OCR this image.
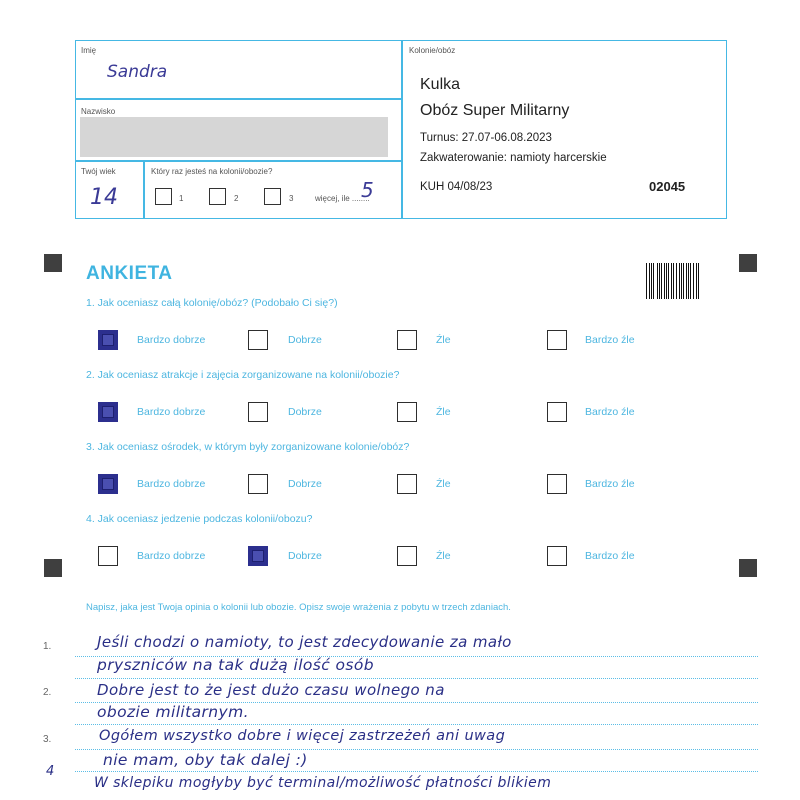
Imię
Sandra
Nazwisko
Twój wiek
14
Który raz jesteś na kolonii/obozie?
1	2	3	więcej, ile ........
5
Kolonie/obóz
Kulka
Obóz Super Militarny
Turnus: 27.07-06.08.2023
Zakwaterowanie: namioty harcerskie
KUH 04/08/23	02045
ANKIETA
1. Jak oceniasz całą kolonię/obóz? (Podobało Ci się?)
Bardzo dobrze	Dobrze	Źle	Bardzo źle
2. Jak oceniasz atrakcje i zajęcia zorganizowane na kolonii/obozie?
Bardzo dobrze	Dobrze	Źle	Bardzo źle
3. Jak oceniasz ośrodek, w którym były zorganizowane kolonie/obóz?
Bardzo dobrze	Dobrze	Źle	Bardzo źle
4. Jak oceniasz jedzenie podczas kolonii/obozu?
Bardzo dobrze	Dobrze	Źle	Bardzo źle
Napisz, jaka jest Twoja opinia o kolonii lub obozie. Opisz swoje wrażenia z pobytu w trzech zdaniach.
1.
2.
3.
Jeśli chodzi o namioty, to jest zdecydowanie za mało
pryszniców na tak dużą ilość osób
Dobre jest to że jest dużo czasu wolnego na
obozie militarnym.
Ogółem wszystko dobre i więcej zastrzeżeń ani uwag
nie mam, oby tak dalej :)
4
W sklepiku mogłyby być terminal/możliwość płatności blikiem
